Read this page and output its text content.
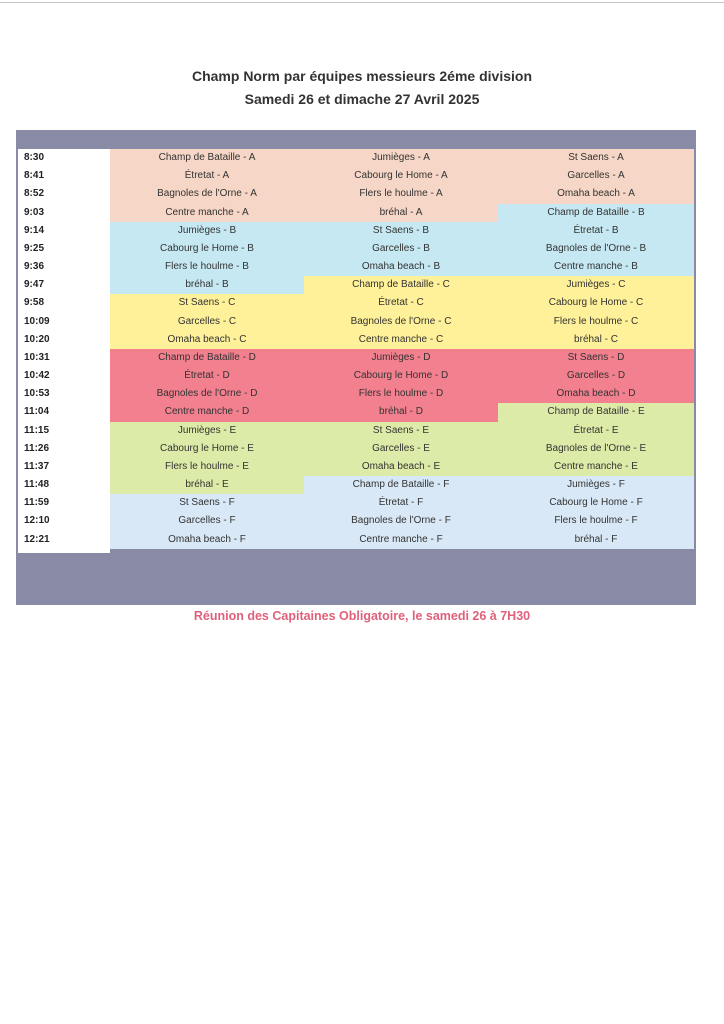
Champ Norm par équipes messieurs 2éme division
Samedi 26 et dimache 27 Avril 2025
8:30	Champ de Bataille - A	Jumièges - A	St Saens - A
8:41	Étretat - A	Cabourg le Home - A	Garcelles - A
8:52	Bagnoles de l'Orne - A	Flers le houlme - A	Omaha beach - A
9:03	Centre manche - A	bréhal - A	Champ de Bataille - B
9:14	Jumièges - B	St Saens - B	Étretat - B
9:25	Cabourg le Home - B	Garcelles - B	Bagnoles de l'Orne - B
9:36	Flers le houlme - B	Omaha beach - B	Centre manche - B
9:47	bréhal - B	Champ de Bataille - C	Jumièges - C
9:58	St Saens - C	Étretat - C	Cabourg le Home - C
10:09	Garcelles - C	Bagnoles de l'Orne - C	Flers le houlme - C
10:20	Omaha beach - C	Centre manche - C	bréhal - C
10:31	Champ de Bataille - D	Jumièges - D	St Saens - D
10:42	Étretat - D	Cabourg le Home - D	Garcelles - D
10:53	Bagnoles de l'Orne - D	Flers le houlme - D	Omaha beach - D
11:04	Centre manche - D	bréhal - D	Champ de Bataille - E
11:15	Jumièges - E	St Saens - E	Étretat - E
11:26	Cabourg le Home - E	Garcelles - E	Bagnoles de l'Orne - E
11:37	Flers le houlme - E	Omaha beach - E	Centre manche - E
11:48	bréhal - E	Champ de Bataille - F	Jumièges - F
11:59	St Saens - F	Étretat - F	Cabourg le Home - F
12:10	Garcelles - F	Bagnoles de l'Orne - F	Flers le houlme - F
12:21	Omaha beach - F	Centre manche - F	bréhal - F
Réunion des Capitaines Obligatoire, le samedi 26 à 7H30
